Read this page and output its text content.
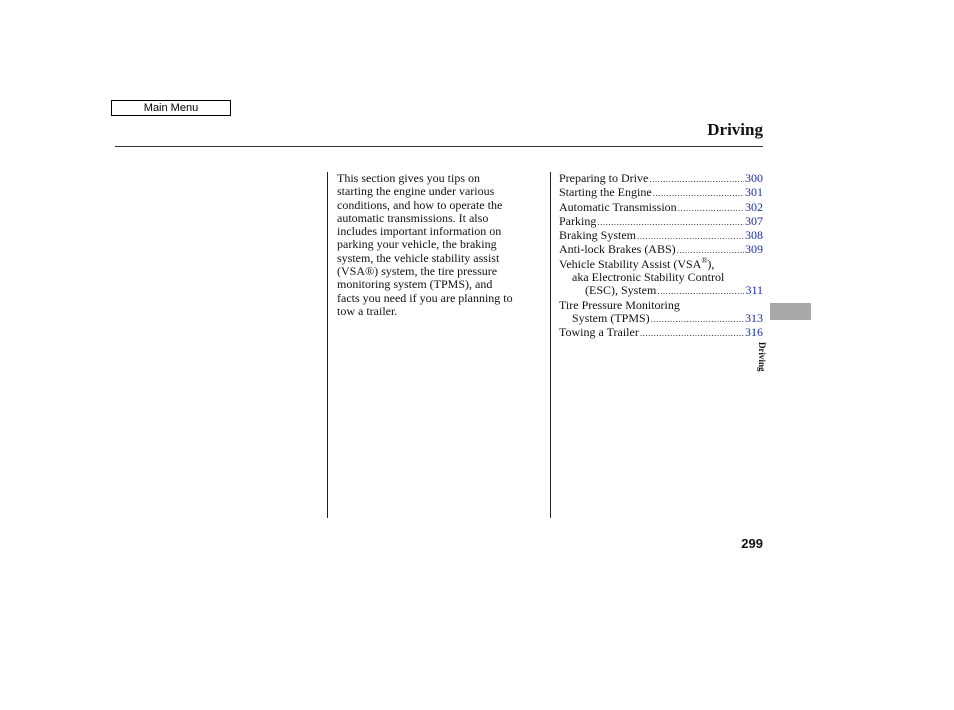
Main Menu
Driving
This section gives you tips on
starting the engine under various
conditions, and how to operate the
automatic transmissions. It also
includes important information on
parking your vehicle, the braking
system, the vehicle stability assist
(VSA®) system, the tire pressure
monitoring system (TPMS), and
facts you need if you are planning to
tow a trailer.
Preparing to Drive .....	300
Starting the Engine .....	301
Automatic Transmission .....	302
Parking .....	307
Braking System .....	308
Anti-lock Brakes (ABS) .....	309
Vehicle Stability Assist (VSA®),
aka Electronic Stability Control
(ESC), System .....	311
Tire Pressure Monitoring
System (TPMS) .....	313
Towing a Trailer .....	316
Driving
299
